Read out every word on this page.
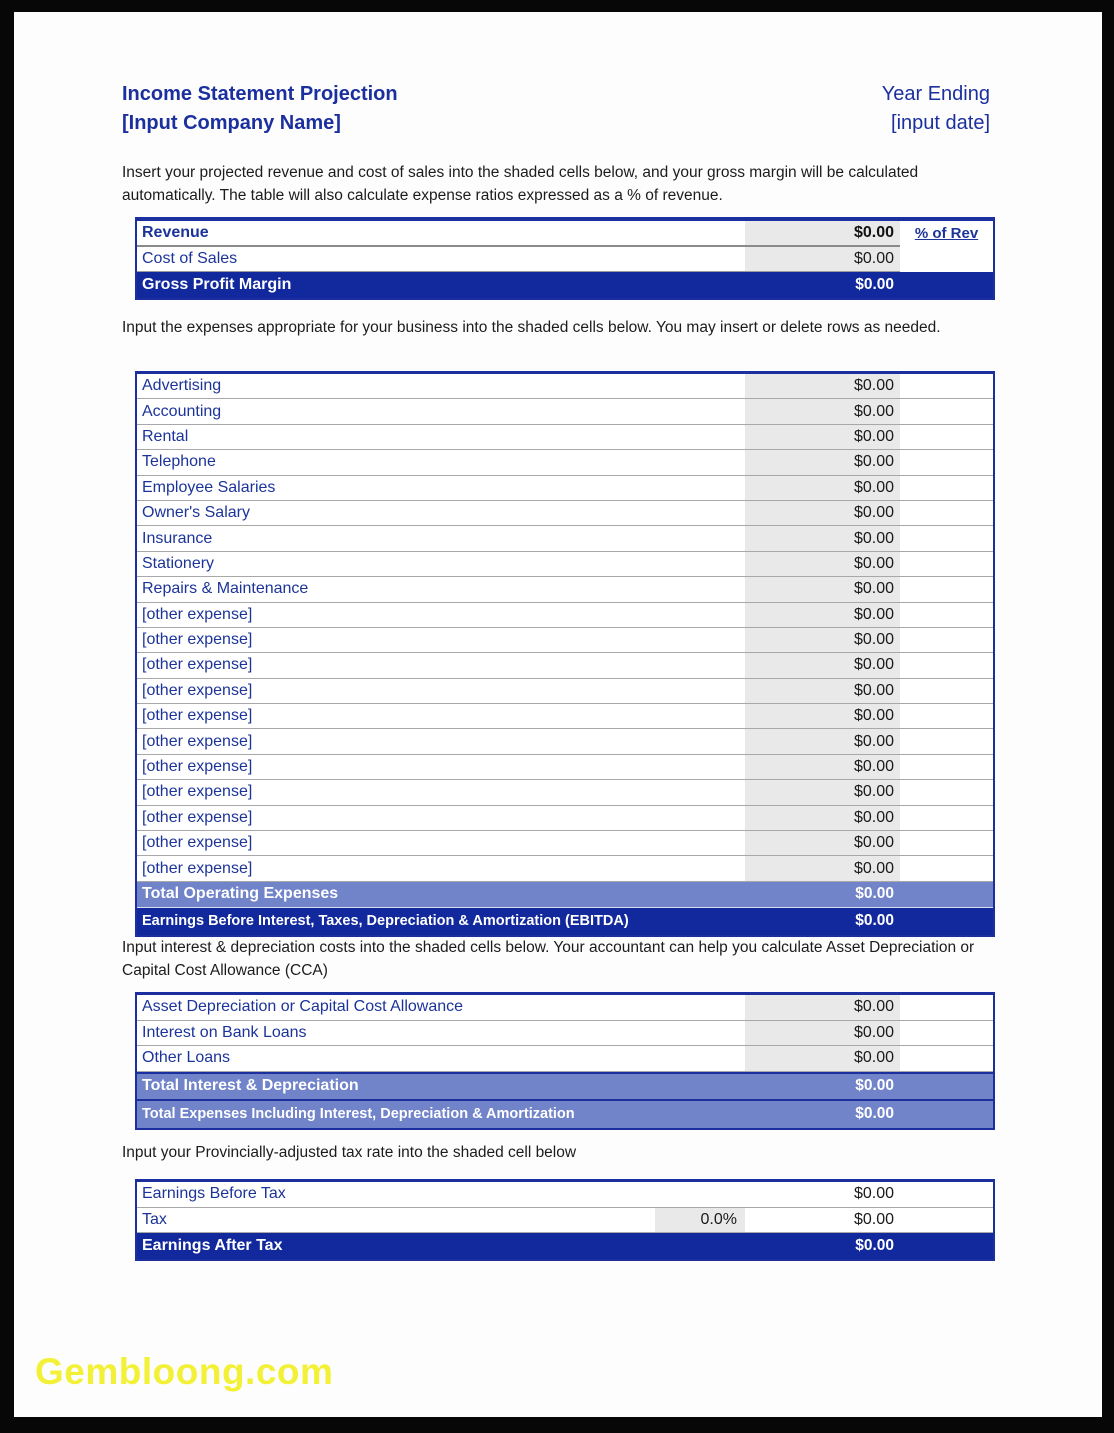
Income Statement Projection
[Input Company Name]
Year Ending
[input date]
Insert your projected revenue and cost of sales into the shaded cells below, and your gross margin will be calculated automatically. The table will also calculate expense ratios expressed as a % of revenue.
Revenue	$0.00	% of Rev
Cost of Sales	$0.00
Gross Profit Margin	$0.00
Input the expenses appropriate for your business into the shaded cells below. You may insert or delete rows as needed.
Advertising	$0.00
Accounting	$0.00
Rental	$0.00
Telephone	$0.00
Employee Salaries	$0.00
Owner's Salary	$0.00
Insurance	$0.00
Stationery	$0.00
Repairs & Maintenance	$0.00
[other expense]	$0.00
[other expense]	$0.00
[other expense]	$0.00
[other expense]	$0.00
[other expense]	$0.00
[other expense]	$0.00
[other expense]	$0.00
[other expense]	$0.00
[other expense]	$0.00
[other expense]	$0.00
[other expense]	$0.00
Total Operating Expenses	$0.00
Earnings Before Interest, Taxes, Depreciation & Amortization (EBITDA)	$0.00
Input interest & depreciation costs into the shaded cells below. Your accountant can help you calculate Asset Depreciation or Capital Cost Allowance (CCA)
Asset Depreciation or Capital Cost Allowance	$0.00
Interest on Bank Loans	$0.00
Other Loans	$0.00
Total Interest & Depreciation	$0.00
Total Expenses Including Interest, Depreciation & Amortization	$0.00
Input your Provincially-adjusted tax rate into the shaded cell below
Earnings Before Tax	$0.00
Tax	0.0%	$0.00
Earnings After Tax	$0.00
Gembloong.com
